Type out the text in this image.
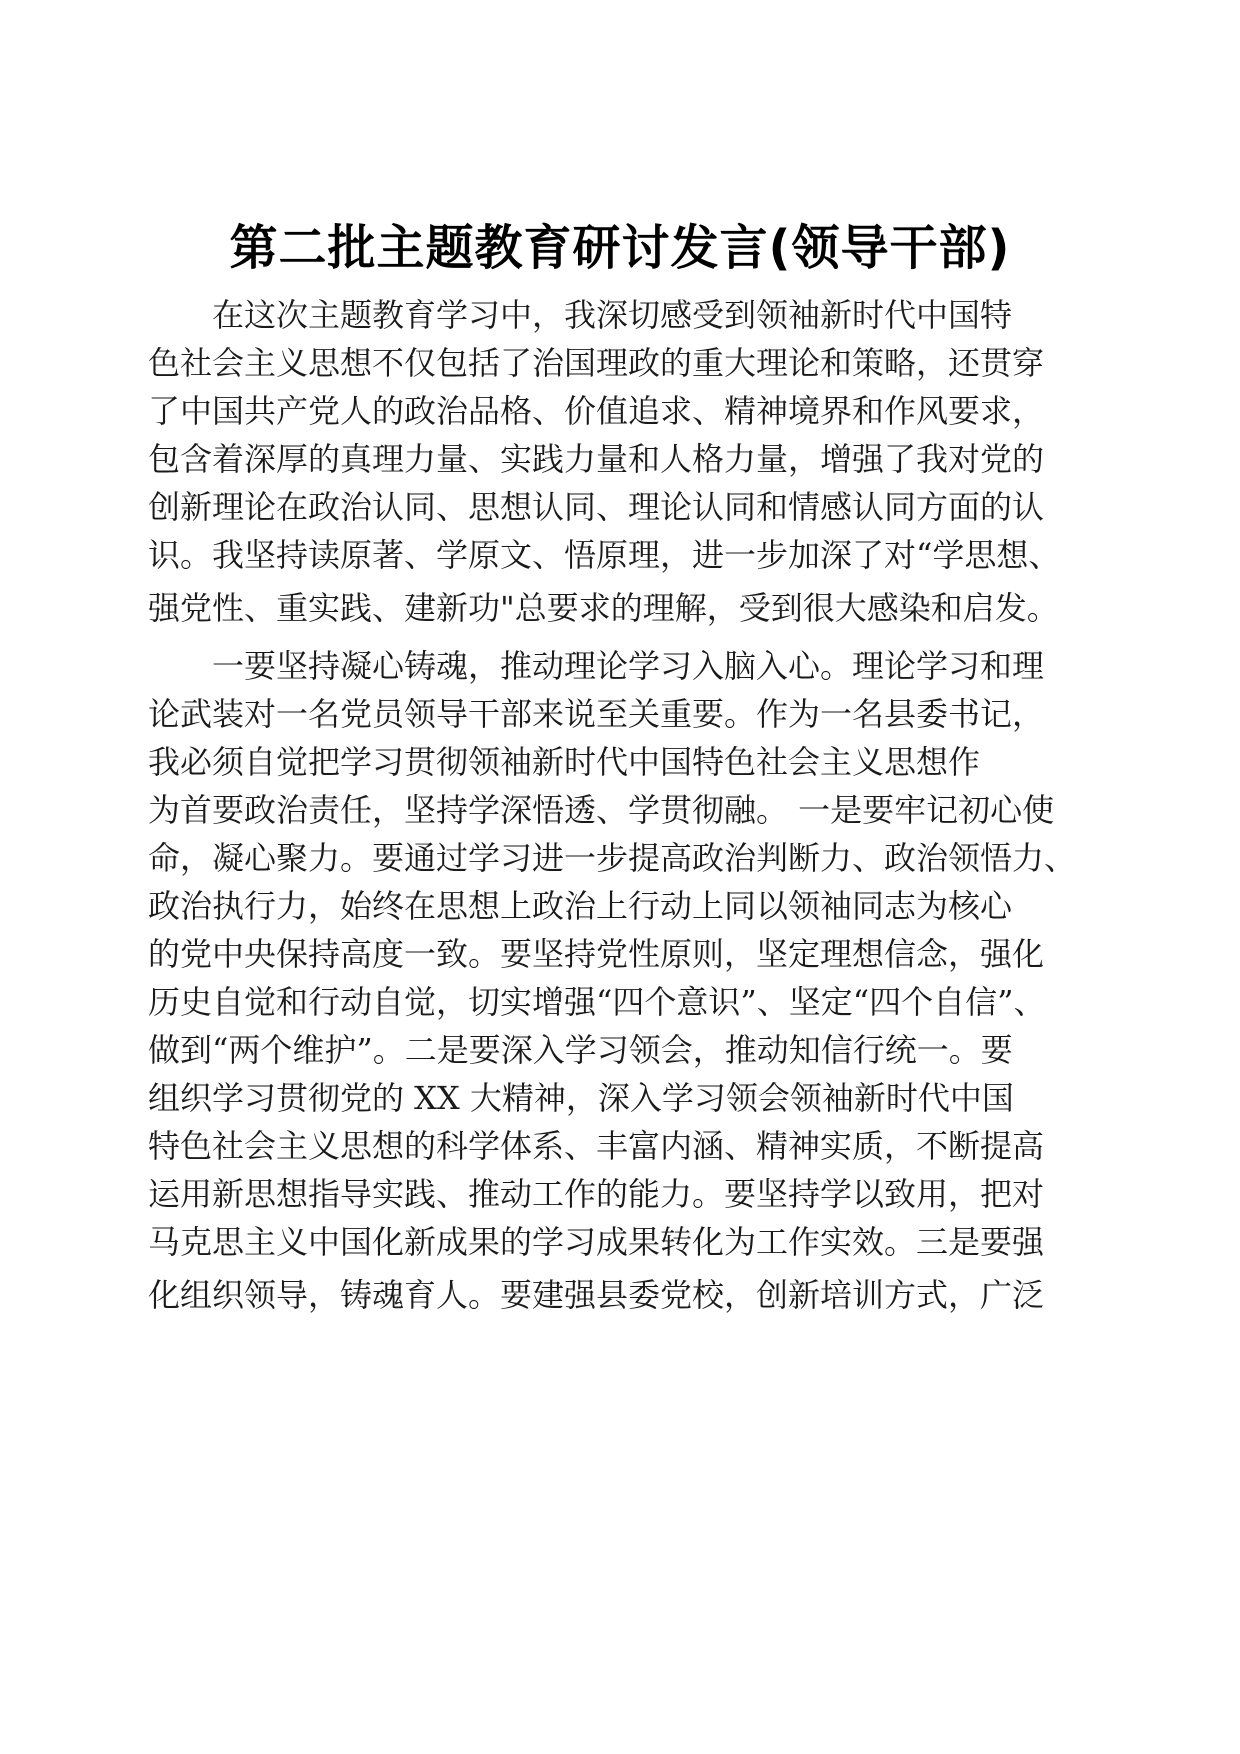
第二批主题教育研讨发言(领导干部)
在这次主题教育学习中，我深切感受到领袖新时代中国特
色社会主义思想不仅包括了治国理政的重大理论和策略，还贯穿
了中国共产党人的政治品格、价值追求、精神境界和作风要求，
包含着深厚的真理力量、实践力量和人格力量，增强了我对党的
创新理论在政治认同、思想认同、理论认同和情感认同方面的认
识。我坚持读原著、学原文、悟原理，进一步加深了对“学思想、
强党性、重实践、建新功"总要求的理解，受到很大感染和启发。
一要坚持凝心铸魂，推动理论学习入脑入心。理论学习和理
论武装对一名党员领导干部来说至关重要。作为一名县委书记，
我必须自觉把学习贯彻领袖新时代中国特色社会主义思想作
为首要政治责任，坚持学深悟透、学贯彻融。 一是要牢记初心使
命，凝心聚力。要通过学习进一步提高政治判断力、政治领悟力、
政治执行力，始终在思想上政治上行动上同以领袖同志为核心
的党中央保持高度一致。要坚持党性原则，坚定理想信念，强化
历史自觉和行动自觉，切实增强“四个意识”、坚定“四个自信”、
做到“两个维护”。二是要深入学习领会，推动知信行统一。要
组织学习贯彻党的 XX 大精神，深入学习领会领袖新时代中国
特色社会主义思想的科学体系、丰富内涵、精神实质，不断提高
运用新思想指导实践、推动工作的能力。要坚持学以致用，把对
马克思主义中国化新成果的学习成果转化为工作实效。三是要强
化组织领导，铸魂育人。要建强县委党校，创新培训方式，广泛
